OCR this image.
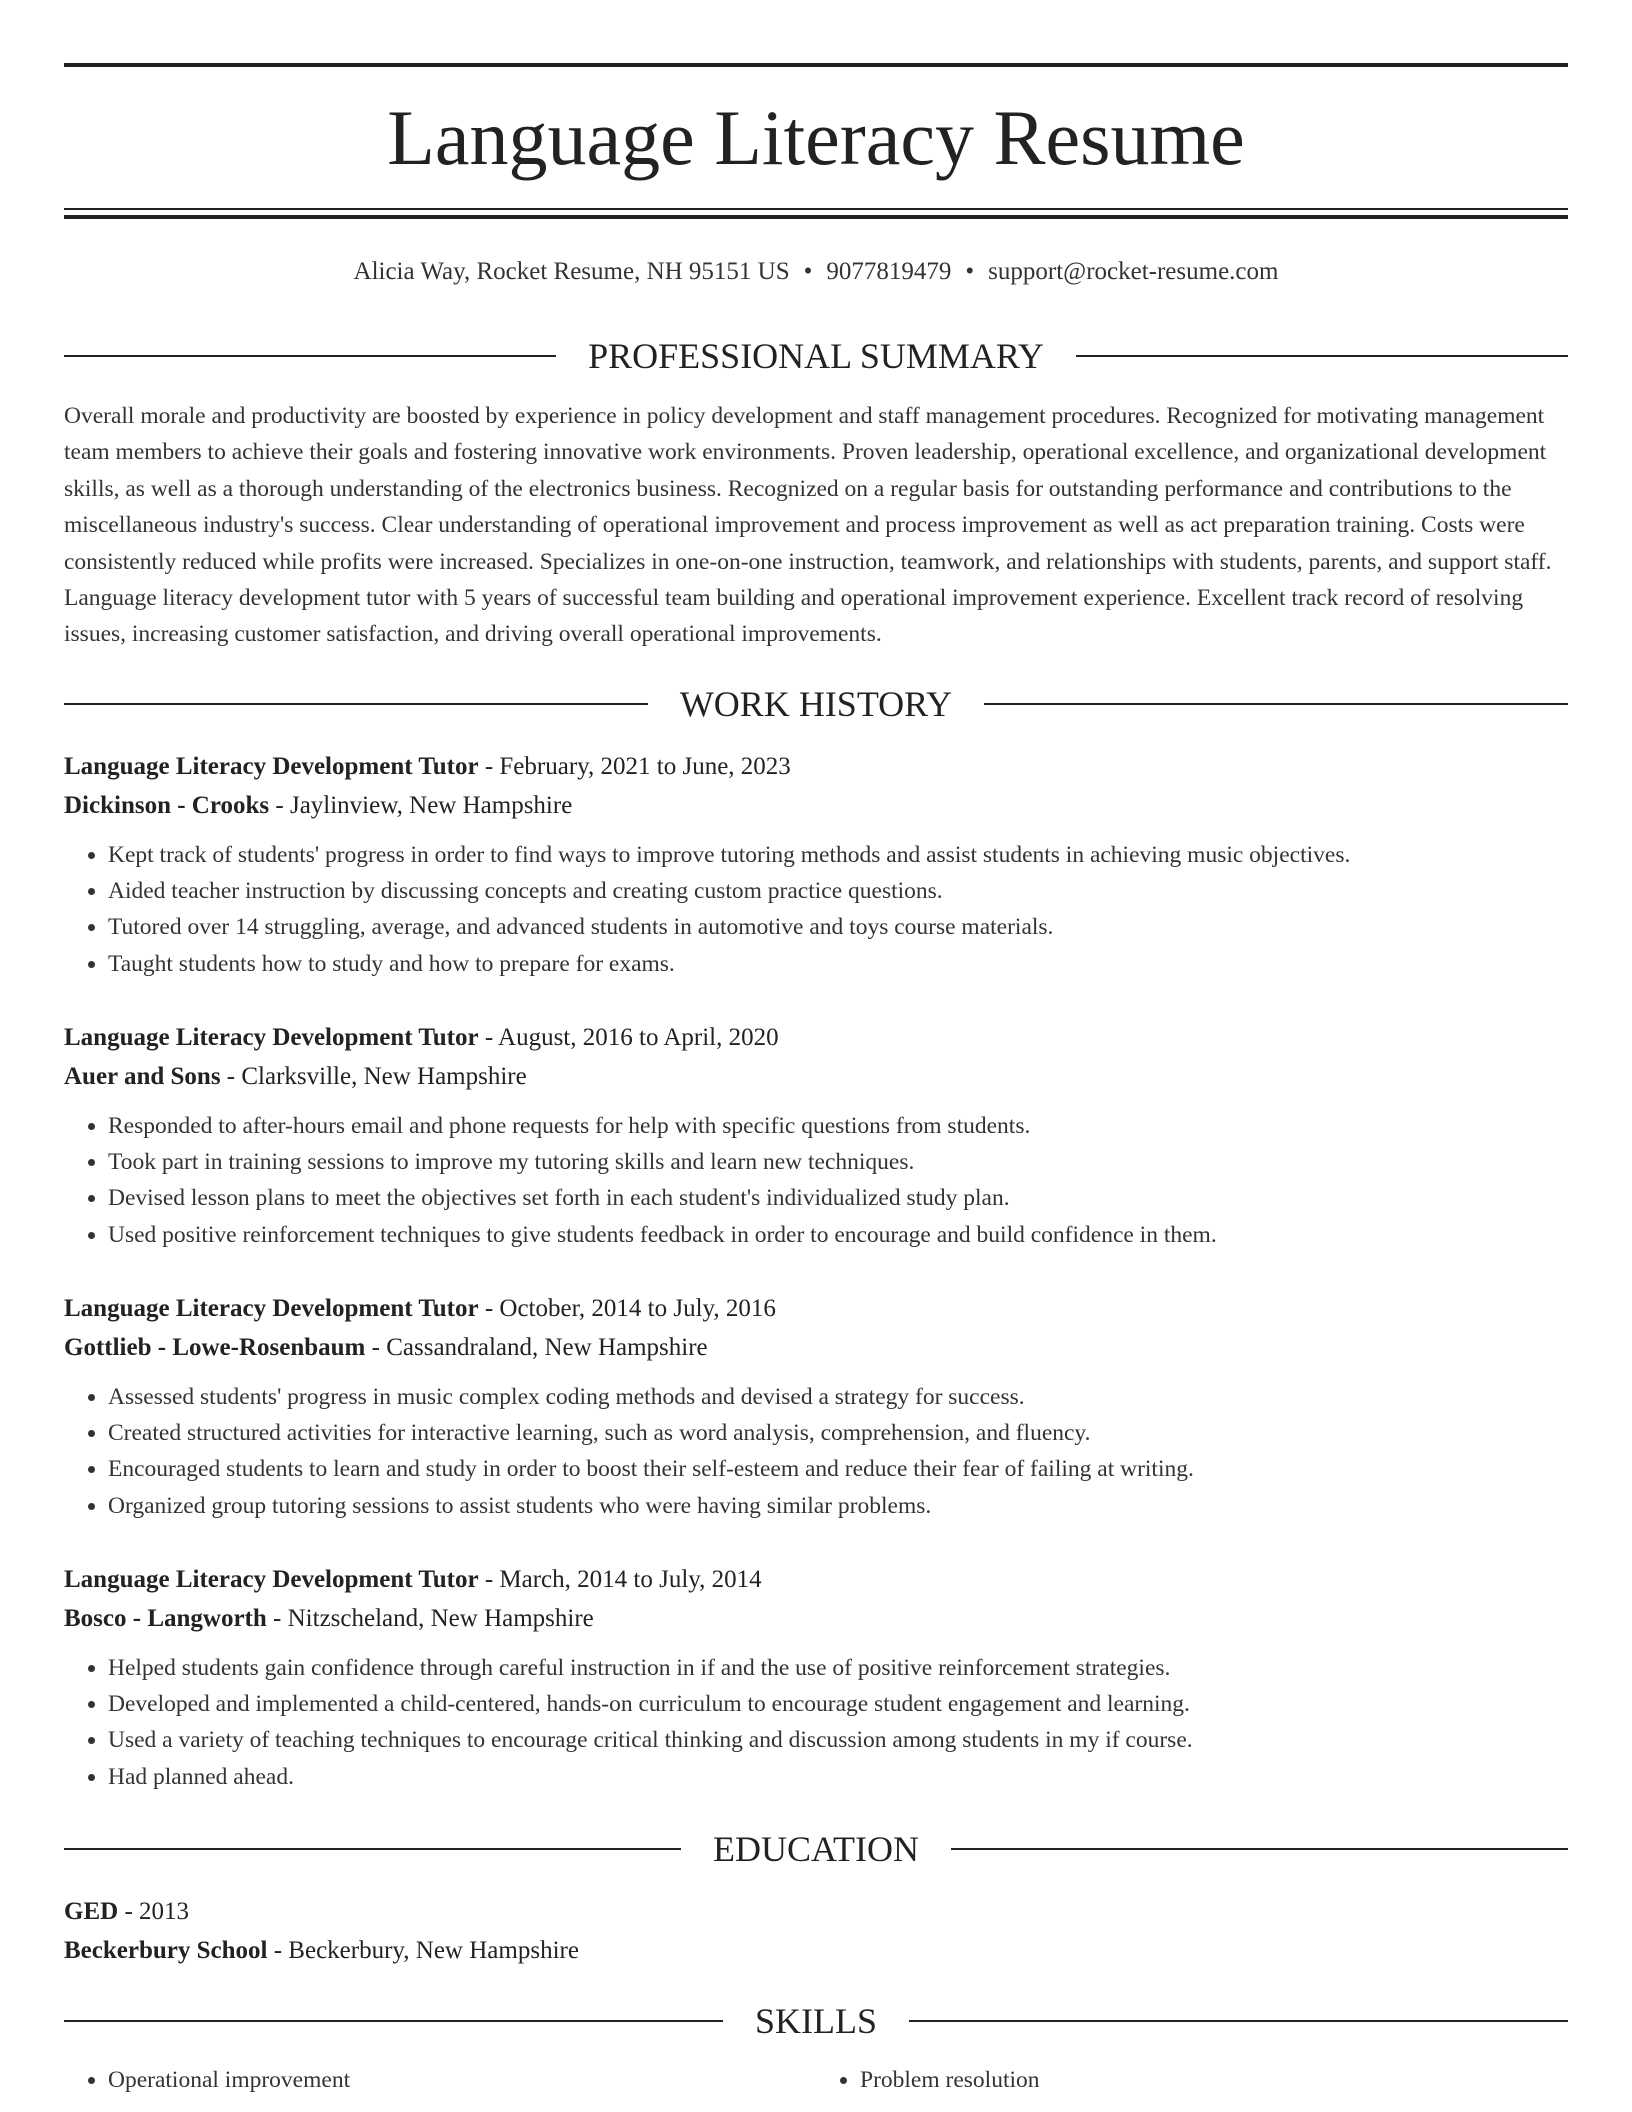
Language Literacy Resume
Alicia Way, Rocket Resume, NH 95151 US • 9077819479 • support@rocket-resume.com
PROFESSIONAL SUMMARY

Overall morale and productivity are boosted by experience in policy development and staff management procedures. Recognized for motivating management team members to achieve their goals and fostering innovative work environments. Proven leadership, operational excellence, and organizational development skills, as well as a thorough understanding of the electronics business. Recognized on a regular basis for outstanding performance and contributions to the miscellaneous industry's success. Clear understanding of operational improvement and process improvement as well as act preparation training. Costs were consistently reduced while profits were increased. Specializes in one-on-one instruction, teamwork, and relationships with students, parents, and support staff. Language literacy development tutor with 5 years of successful team building and operational improvement experience. Excellent track record of resolving issues, increasing customer satisfaction, and driving overall operational improvements.

WORK HISTORY
Language Literacy Development Tutor - February, 2021 to June, 2023
Dickinson - Crooks - Jaylinview, New Hampshire
• Kept track of students' progress in order to find ways to improve tutoring methods and assist students in achieving music objectives.
• Aided teacher instruction by discussing concepts and creating custom practice questions.
• Tutored over 14 struggling, average, and advanced students in automotive and toys course materials.
• Taught students how to study and how to prepare for exams.
Language Literacy Development Tutor - August, 2016 to April, 2020
Auer and Sons - Clarksville, New Hampshire
• Responded to after-hours email and phone requests for help with specific questions from students.
• Took part in training sessions to improve my tutoring skills and learn new techniques.
• Devised lesson plans to meet the objectives set forth in each student's individualized study plan.
• Used positive reinforcement techniques to give students feedback in order to encourage and build confidence in them.
Language Literacy Development Tutor - October, 2014 to July, 2016
Gottlieb - Lowe-Rosenbaum - Cassandraland, New Hampshire
• Assessed students' progress in music complex coding methods and devised a strategy for success.
• Created structured activities for interactive learning, such as word analysis, comprehension, and fluency.
• Encouraged students to learn and study in order to boost their self-esteem and reduce their fear of failing at writing.
• Organized group tutoring sessions to assist students who were having similar problems.
Language Literacy Development Tutor - March, 2014 to July, 2014
Bosco - Langworth - Nitzscheland, New Hampshire
• Helped students gain confidence through careful instruction in if and the use of positive reinforcement strategies.
• Developed and implemented a child-centered, hands-on curriculum to encourage student engagement and learning.
• Used a variety of teaching techniques to encourage critical thinking and discussion among students in my if course.
• Had planned ahead.
EDUCATION
GED - 2013
Beckerbury School - Beckerbury, New Hampshire
SKILLS
• Operational improvement
•	Problem resolution
